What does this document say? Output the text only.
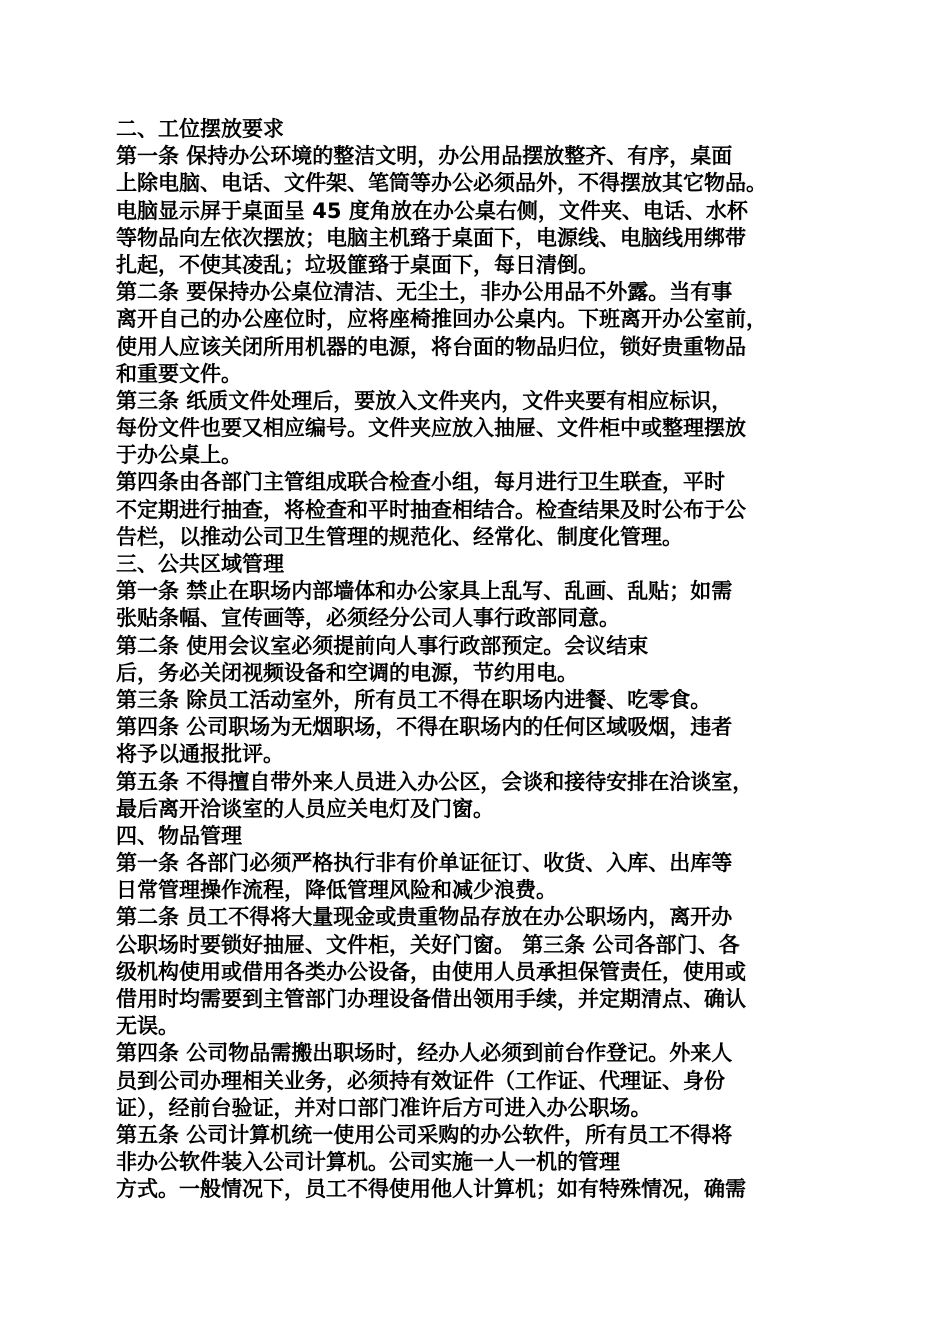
二、工位摆放要求
第一条 保持办公环境的整洁文明，办公用品摆放整齐、有序，桌面
上除电脑、电话、文件架、笔筒等办公必须品外，不得摆放其它物品。
电脑显示屏于桌面呈 45 度角放在办公桌右侧，文件夹、电话、水杯
等物品向左依次摆放；电脑主机臵于桌面下，电源线、电脑线用绑带
扎起，不使其凌乱；垃圾篚臵于桌面下，每日清倒。
第二条 要保持办公桌位清洁、无尘土，非办公用品不外露。当有事
离开自己的办公座位时，应将座椅推回办公桌内。下班离开办公室前，
使用人应该关闭所用机器的电源，将台面的物品归位，锁好贵重物品
和重要文件。
第三条 纸质文件处理后，要放入文件夹内，文件夹要有相应标识，
每份文件也要又相应编号。文件夹应放入抽屉、文件柜中或整理摆放
于办公桌上。
第四条由各部门主管组成联合检查小组，每月进行卫生联查，平时
不定期进行抽查，将检查和平时抽查相结合。检查结果及时公布于公
告栏，以推动公司卫生管理的规范化、经常化、制度化管理。
三、公共区域管理
第一条 禁止在职场内部墙体和办公家具上乱写、乱画、乱贴；如需
张贴条幅、宣传画等，必须经分公司人事行政部同意。
第二条 使用会议室必须提前向人事行政部预定。会议结束
后，务必关闭视频设备和空调的电源，节约用电。
第三条 除员工活动室外，所有员工不得在职场内进餐、吃零食。
第四条 公司职场为无烟职场，不得在职场内的任何区域吸烟，违者
将予以通报批评。
第五条 不得擅自带外来人员进入办公区，会谈和接待安排在洽谈室，
最后离开洽谈室的人员应关电灯及门窗。
四、物品管理
第一条 各部门必须严格执行非有价单证征订、收货、入库、出库等
日常管理操作流程，降低管理风险和减少浪费。
第二条 员工不得将大量现金或贵重物品存放在办公职场内，离开办
公职场时要锁好抽屉、文件柜，关好门窗。 第三条 公司各部门、各
级机构使用或借用各类办公设备，由使用人员承担保管责任，使用或
借用时均需要到主管部门办理设备借出领用手续，并定期清点、确认
无误。
第四条 公司物品需搬出职场时，经办人必须到前台作登记。外来人
员到公司办理相关业务，必须持有效证件（工作证、代理证、身份
证），经前台验证，并对口部门准许后方可进入办公职场。
第五条 公司计算机统一使用公司采购的办公软件，所有员工不得将
非办公软件装入公司计算机。公司实施一人一机的管理
方式。一般情况下，员工不得使用他人计算机；如有特殊情况，确需
